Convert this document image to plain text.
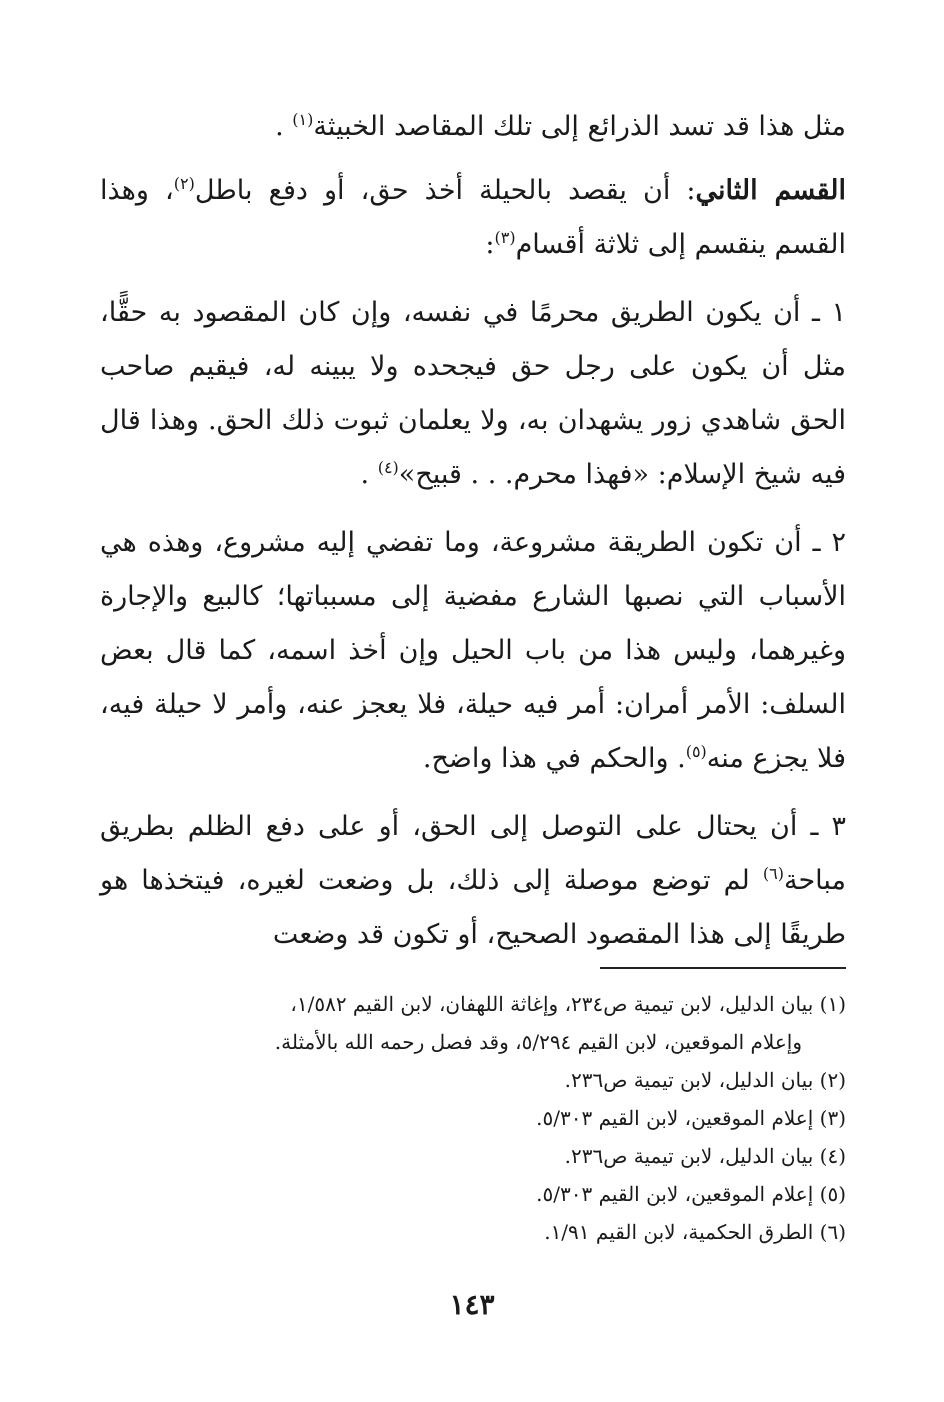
مثل هذا قد تسد الذرائع إلى تلك المقاصد الخبيثة$^{(١)}$ .

القسم الثاني: أن يقصد بالحيلة أخذ حق، أو دفع باطل$^{(٢)}$، وهذا القسم ينقسم إلى ثلاثة أقسام$^{(٣)}$:

١ ـ أن يكون الطريق محرمًا في نفسه، وإن كان المقصود به حقًّا، مثل أن يكون على رجل حق فيجحده ولا يبينه له، فيقيم صاحب الحق شاهدي زور يشهدان به، ولا يعلمان ثبوت ذلك الحق. وهذا قال فيه شيخ الإسلام: «فهذا محرم. . . قبيح»$^{(٤)}$ .

٢ ـ أن تكون الطريقة مشروعة، وما تفضي إليه مشروع، وهذه هي الأسباب التي نصبها الشارع مفضية إلى مسبباتها؛ كالبيع والإجارة وغيرهما، وليس هذا من باب الحيل وإن أخذ اسمه، كما قال بعض السلف: الأمر أمران: أمر فيه حيلة، فلا يعجز عنه، وأمر لا حيلة فيه، فلا يجزع منه$^{(٥)}$. والحكم في هذا واضح.

٣ ـ أن يحتال على التوصل إلى الحق، أو على دفع الظلم بطريق مباحة$^{(٦)}$ لم توضع موصلة إلى ذلك، بل وضعت لغيره، فيتخذها هو طريقًا إلى هذا المقصود الصحيح، أو تكون قد وضعت

(١) بيان الدليل، لابن تيمية ص٢٣٤، وإغاثة اللهفان، لابن القيم ١/٥٨٢،
وإعلام الموقعين، لابن القيم ٥/٢٩٤، وقد فصل رحمه الله بالأمثلة.

(٢) بيان الدليل، لابن تيمية ص٢٣٦.

(٣) إعلام الموقعين، لابن القيم ٥/٣٠٣.

(٤) بيان الدليل، لابن تيمية ص٢٣٦.

(٥) إعلام الموقعين، لابن القيم ٥/٣٠٣.

(٦) الطرق الحكمية، لابن القيم ١/٩١.

١٤٣
